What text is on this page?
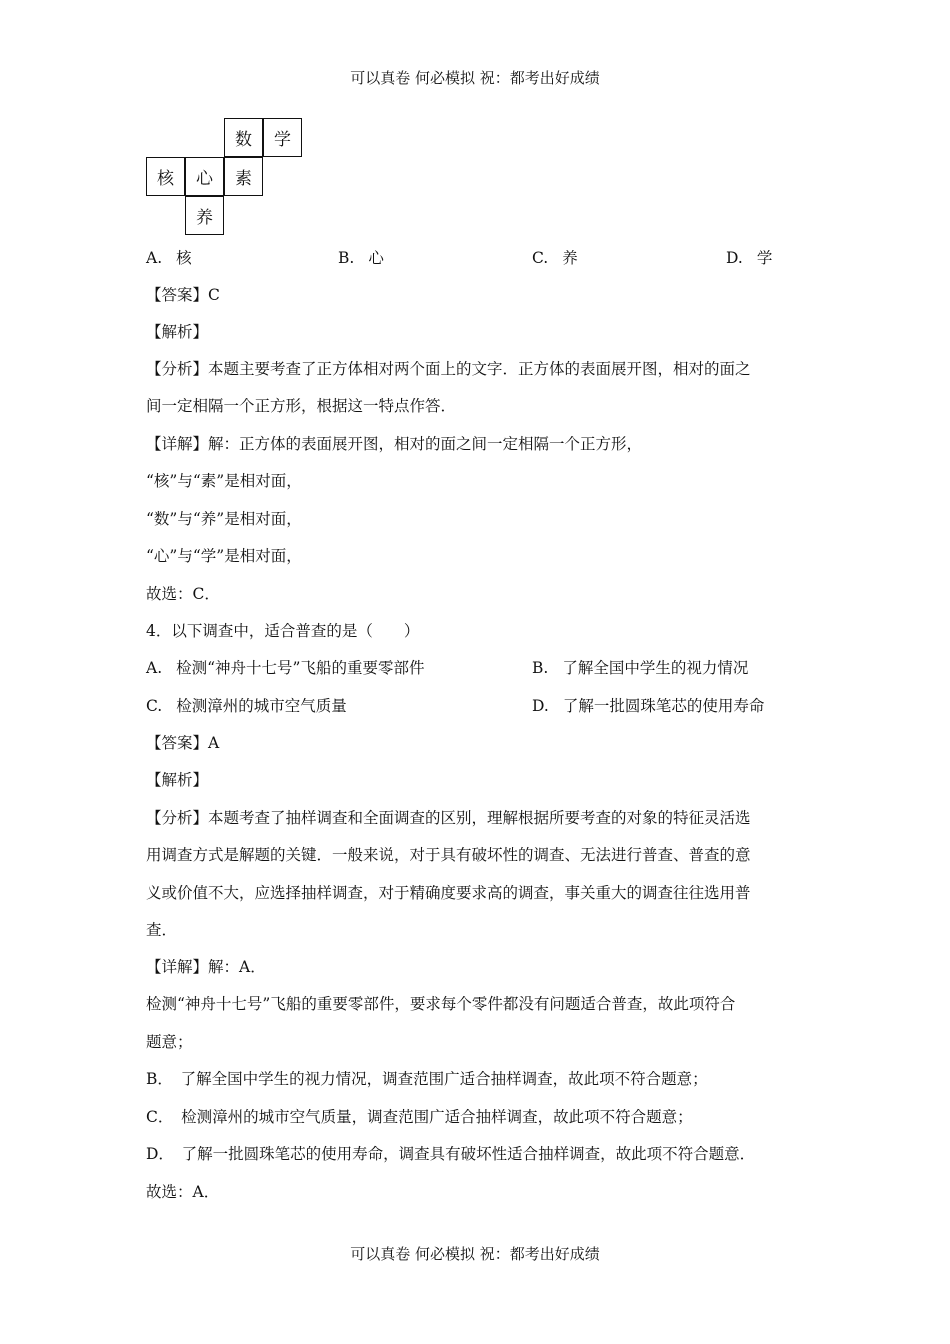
可以真卷 何必模拟 祝：都考出好成绩
数	学
核	心	素
养
A. 核	B. 心	C. 养	D. 学
【答案】C
【解析】
【分析】本题主要考查了正方体相对两个面上的文字．正方体的表面展开图，相对的面之
间一定相隔一个正方形，根据这一特点作答．
【详解】解：正方体的表面展开图，相对的面之间一定相隔一个正方形，
“核”与“素”是相对面，
“数”与“养”是相对面，
“心”与“学”是相对面，
故选：C．
4．以下调查中，适合普查的是（　　）
A. 检测“神舟十七号”飞船的重要零部件	B. 了解全国中学生的视力情况
C. 检测漳州的城市空气质量	D. 了解一批圆珠笔芯的使用寿命
【答案】A
【解析】
【分析】本题考查了抽样调查和全面调查的区别，理解根据所要考查的对象的特征灵活选
用调查方式是解题的关键．一般来说，对于具有破坏性的调查、无法进行普查、普查的意
义或价值不大，应选择抽样调查，对于精确度要求高的调查，事关重大的调查往往选用普
查．
【详解】解：A．
检测“神舟十七号”飞船的重要零部件，要求每个零件都没有问题适合普查，故此项符合
题意；
B．　了解全国中学生的视力情况，调查范围广适合抽样调查，故此项不符合题意；
C．　检测漳州的城市空气质量，调查范围广适合抽样调查，故此项不符合题意；
D．　了解一批圆珠笔芯的使用寿命，调查具有破坏性适合抽样调查，故此项不符合题意．
故选：A．
可以真卷 何必模拟 祝：都考出好成绩
